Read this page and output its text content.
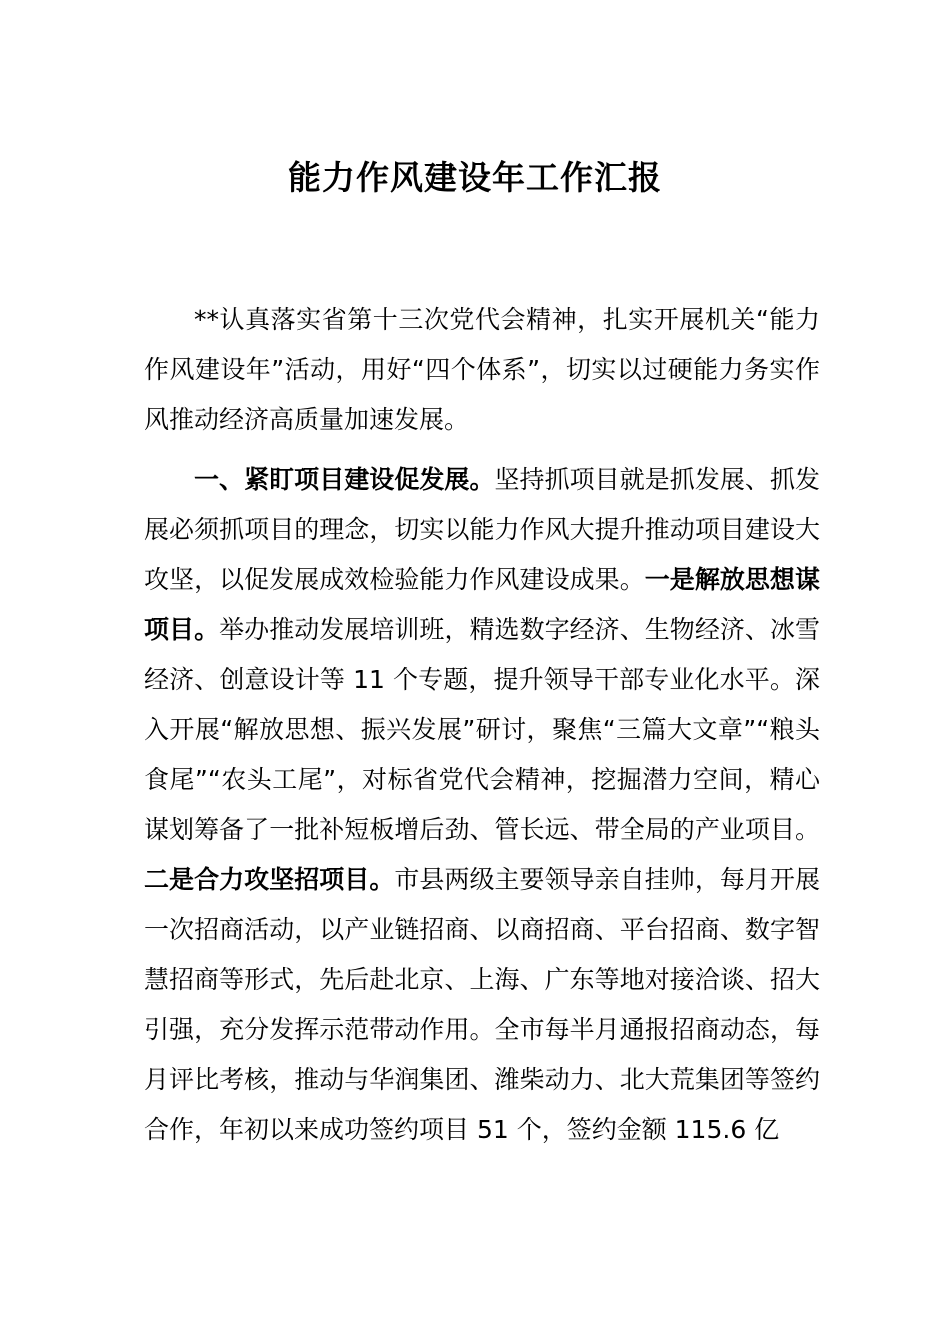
能力作风建设年工作汇报

**认真落实省第十三次党代会精神，扎实开展机关“能力作风建设年”活动，用好“四个体系”，切实以过硬能力务实作风推动经济高质量加速发展。

一、紧盯项目建设促发展。坚持抓项目就是抓发展、抓发展必须抓项目的理念，切实以能力作风大提升推动项目建设大攻坚，以促发展成效检验能力作风建设成果。一是解放思想谋项目。举办推动发展培训班，精选数字经济、生物经济、冰雪经济、创意设计等 11 个专题，提升领导干部专业化水平。深入开展“解放思想、振兴发展”研讨，聚焦“三篇大文章”“粮头食尾”“农头工尾”，对标省党代会精神，挖掘潜力空间，精心谋划筹备了一批补短板增后劲、管长远、带全局的产业项目。二是合力攻坚招项目。市县两级主要领导亲自挂帅，每月开展一次招商活动，以产业链招商、以商招商、平台招商、数字智慧招商等形式，先后赴北京、上海、广东等地对接洽谈、招大引强，充分发挥示范带动作用。全市每半月通报招商动态，每月评比考核，推动与华润集团、潍柴动力、北大荒集团等签约合作，年初以来成功签约项目 51 个，签约金额 115.6 亿
